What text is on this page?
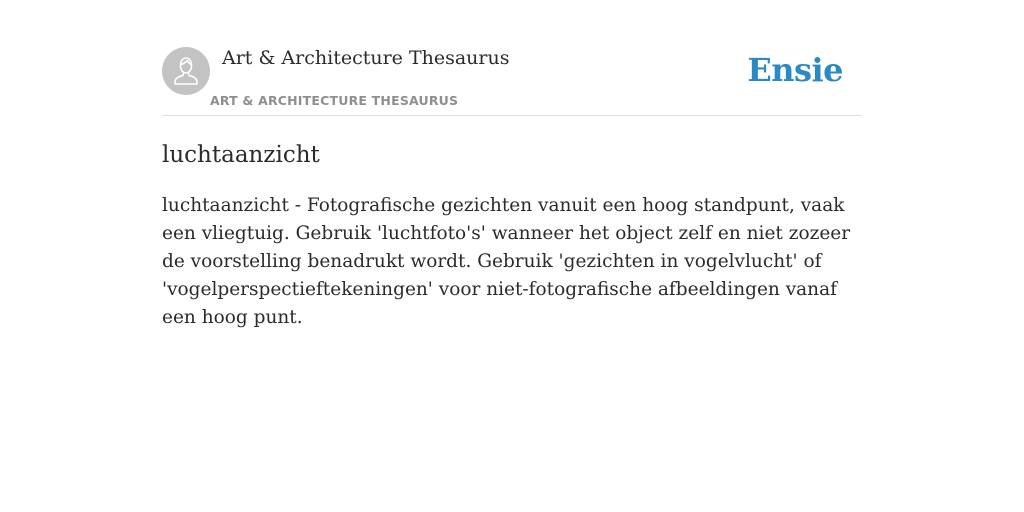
Art & Architecture Thesaurus
ART & ARCHITECTURE THESAURUS
Ensie
luchtaanzicht

luchtaanzicht - Fotografische gezichten vanuit een hoog standpunt, vaak een vliegtuig. Gebruik 'luchtfoto's' wanneer het object zelf en niet zozeer de voorstelling benadrukt wordt. Gebruik 'gezichten in vogelvlucht' of 'vogelperspectieftekeningen' voor niet-fotografische afbeeldingen vanaf een hoog punt.
